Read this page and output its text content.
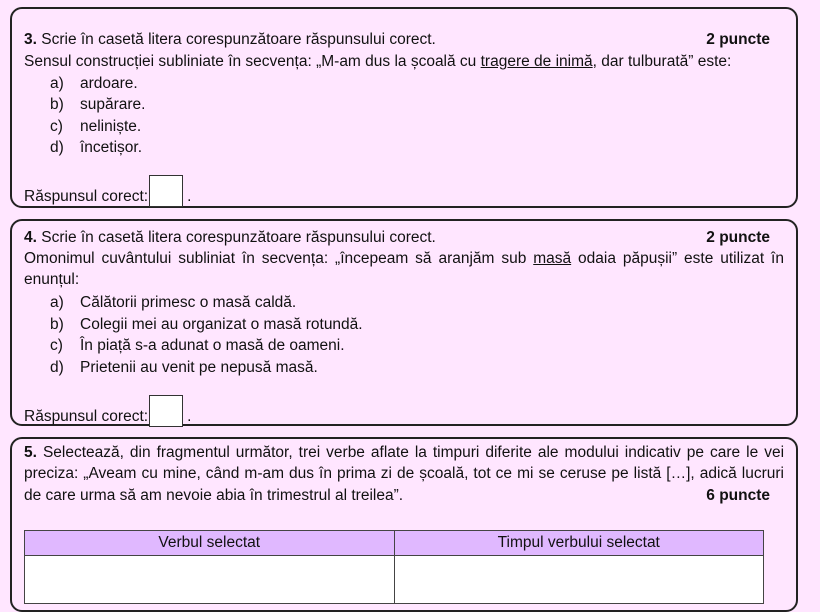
3. Scrie în casetă litera corespunzătoare răspunsului corect.	2 puncte
Sensul construcției subliniate în secvența: „M-am dus la școală cu tragere de inimă, dar tulburată” este:
a) ardoare.
b) supărare.
c) neliniște.
d) încetișor.
Răspunsul corect:	.
4. Scrie în casetă litera corespunzătoare răspunsului corect.	2 puncte
Omonimul cuvântului subliniat în secvența: „începeam să aranjăm sub masă odaia păpușii” este utilizat în
enunțul:
a) Călătorii primesc o masă caldă.
b) Colegii mei au organizat o masă rotundă.
c) În piață s-a adunat o masă de oameni.
d) Prietenii au venit pe nepusă masă.
Răspunsul corect:	.
5. Selectează, din fragmentul următor, trei verbe aflate la timpuri diferite ale modului indicativ pe care le vei
preciza: „Aveam cu mine, când m-am dus în prima zi de școală, tot ce mi se ceruse pe listă […], adică lucruri
de care urma să am nevoie abia în trimestrul al treilea”.	6 puncte
Verbul selectat	Timpul verbului selectat
